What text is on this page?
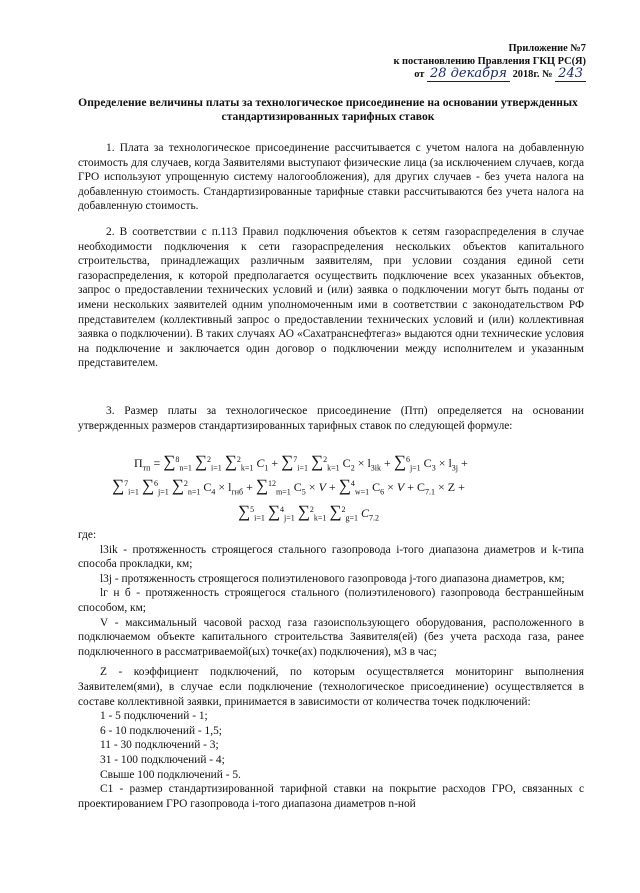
Приложение №7
к постановлению Правления ГКЦ РС(Я)
от 28 декабря 2018г. № 243
Определение величины платы за технологическое присоединение на основании утвержденных стандартизированных тарифных ставок

1. Плата за технологическое присоединение рассчитывается с учетом налога на добавленную стоимость для случаев, когда Заявителями выступают физические лица (за исключением случаев, когда ГРО используют упрощенную систему налогообложения), для других случаев - без учета налога на добавленную стоимость. Стандартизированные тарифные ставки рассчитываются без учета налога на добавленную стоимость.

2. В соответствии с п.113 Правил подключения объектов к сетям газораспределения в случае необходимости подключения к сети газораспределения нескольких объектов капитального строительства, принадлежащих различным заявителям, при условии создания единой сети газораспределения, к которой предполагается осуществить подключение всех указанных объектов, запрос о предоставлении технических условий и (или) заявка о подключении могут быть поданы от имени нескольких заявителей одним уполномоченным ими в соответствии с законодательством РФ представителем (коллективный запрос о предоставлении технических условий и (или) коллективная заявка о подключении). В таких случаях АО «Сахатранснефтегаз» выдаются одни технические условия на подключение и заключается один договор о подключении между исполнителем и указанным представителем.

3. Размер платы за технологическое присоединение (Птп) определяется на основании утвержденных размеров стандартизированных тарифных ставок по следующей формуле:

$П_{тп} = \sum^8_{n=1}$ ∑$^2_{i=1}$ ∑$^2_{k=1}$ $C_1 + \sum^7_{i=1}$ ∑$^2_{k=1}$ $C_2 \times l_{3ik} + \sum^6_{j=1}$ $C_3 \times l_{3j}$ +
∑$^7_{i=1}$ ∑$^6_{j=1}$ ∑$^2_{n=1}$ $C_4 \times l_{гнб} + \sum^{12}_{m=1}$ $C_5 \times V + \sum^4_{w=1}$ $C_6 \times V + C_{7.1} \times Z$ +
∑$^5_{i=1}$ ∑$^4_{j=1}$ ∑$^2_{k=1}$ ∑$^2_{g=1}$ $C_{7.2}$

где:

l3ik - протяженность строящегося стального газопровода i-того диапазона диаметров и k-типа способа прокладки, км;

l3j - протяженность строящегося полиэтиленового газопровода j-того диапазона диаметров, км;

lг н б - протяженность строящегося стального (полиэтиленового) газопровода бестраншейным способом, км;

V - максимальный часовой расход газа газоиспользующего оборудования, расположенного в подключаемом объекте капитального строительства Заявителя(ей) (без учета расхода газа, ранее подключенного в рассматриваемой(ых) точке(ах) подключения), м3 в час;

Z - коэффициент подключений, по которым осуществляется мониторинг выполнения Заявителем(ями), в случае если подключение (технологическое присоединение) осуществляется в составе коллективной заявки, принимается в зависимости от количества точек подключений:

1 - 5 подключений - 1;
6 - 10 подключений - 1,5;
11 - 30 подключений - 3;
31 - 100 подключений - 4;
Свыше 100 подключений - 5.

С1 - размер стандартизированной тарифной ставки на покрытие расходов ГРО, связанных с проектированием ГРО газопровода i-того диапазона диаметров n-ной
